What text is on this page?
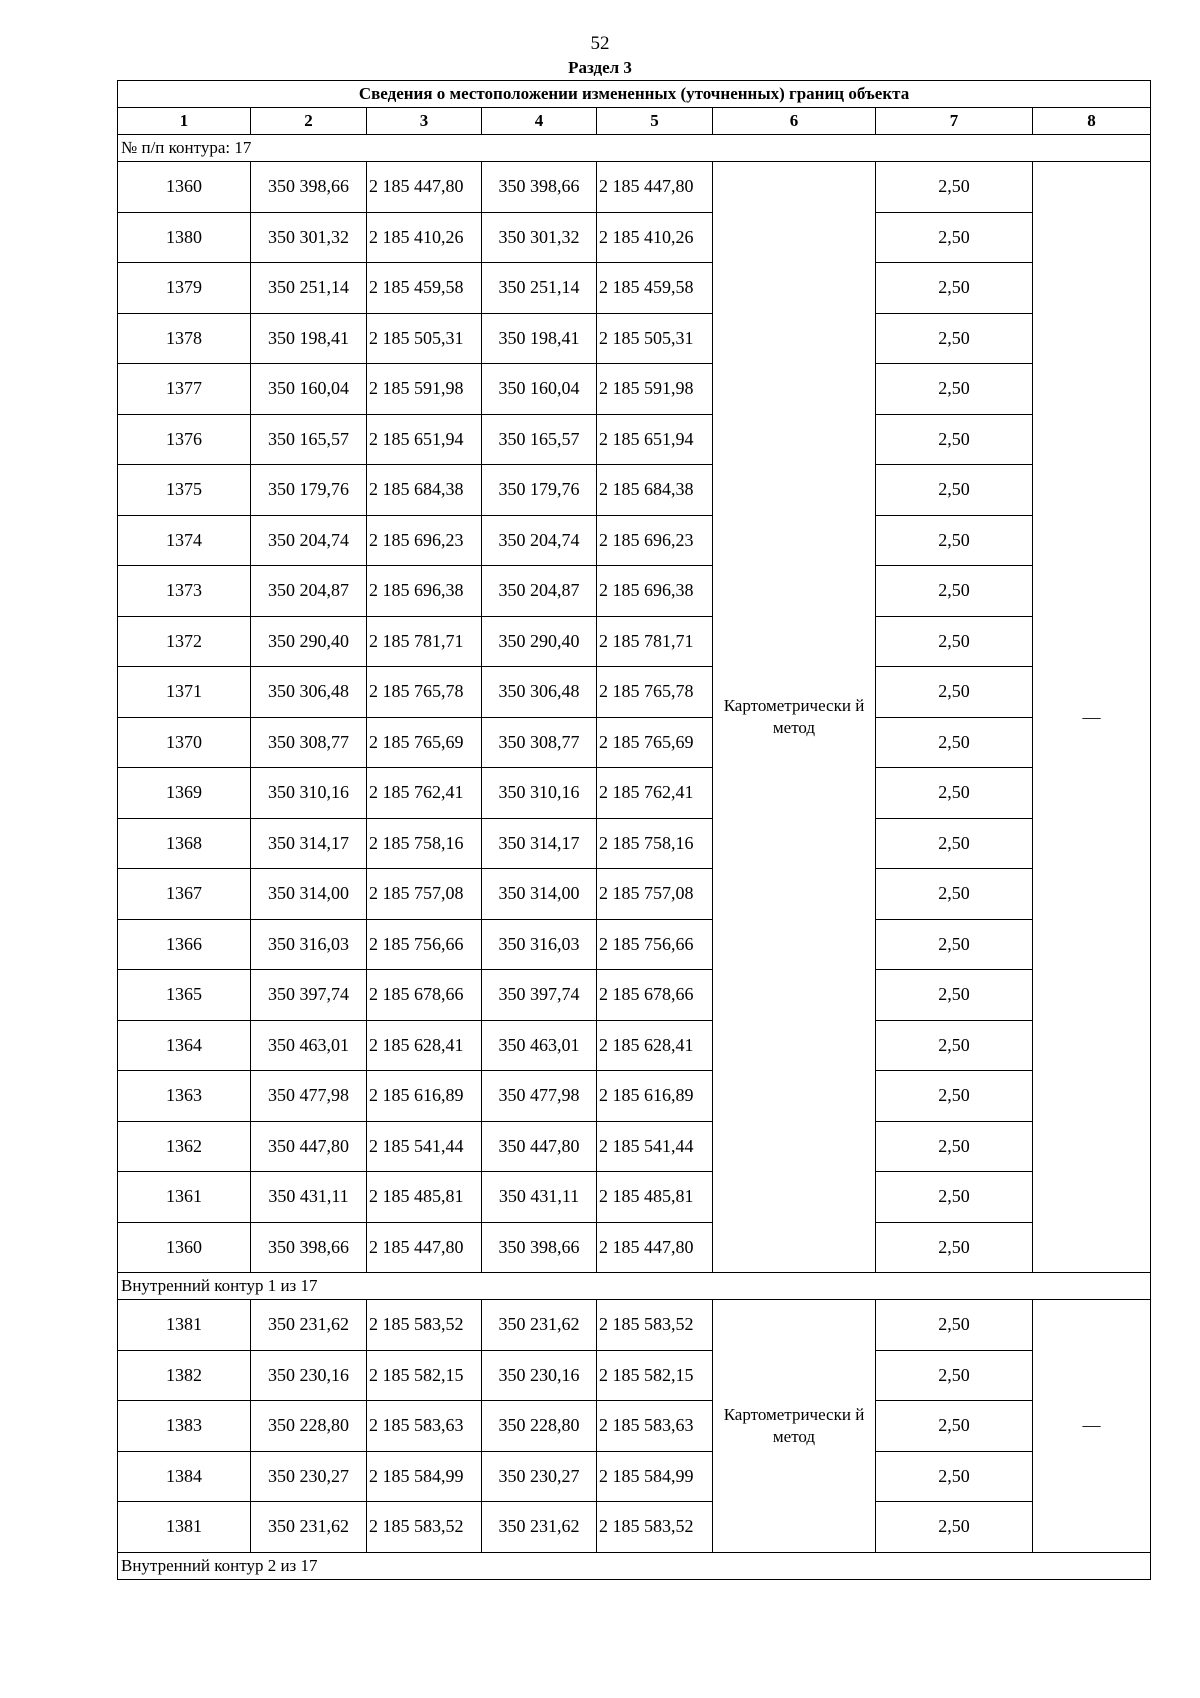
52
Раздел 3
Сведения о местоположении измененных (уточненных) границ объекта							
1	2	3	4	5	6	7	8
№ п/п контура: 17							
1360	350 398,66	2 185 447,80	350 398,66	2 185 447,80	Картометрически й метод	2,50	—
1380	350 301,32	2 185 410,26	350 301,32	2 185 410,26		2,50	
1379	350 251,14	2 185 459,58	350 251,14	2 185 459,58		2,50	
1378	350 198,41	2 185 505,31	350 198,41	2 185 505,31		2,50	
1377	350 160,04	2 185 591,98	350 160,04	2 185 591,98		2,50	
1376	350 165,57	2 185 651,94	350 165,57	2 185 651,94		2,50	
1375	350 179,76	2 185 684,38	350 179,76	2 185 684,38		2,50	
1374	350 204,74	2 185 696,23	350 204,74	2 185 696,23		2,50	
1373	350 204,87	2 185 696,38	350 204,87	2 185 696,38		2,50	
1372	350 290,40	2 185 781,71	350 290,40	2 185 781,71		2,50	
1371	350 306,48	2 185 765,78	350 306,48	2 185 765,78		2,50	
1370	350 308,77	2 185 765,69	350 308,77	2 185 765,69		2,50	
1369	350 310,16	2 185 762,41	350 310,16	2 185 762,41		2,50	
1368	350 314,17	2 185 758,16	350 314,17	2 185 758,16		2,50	
1367	350 314,00	2 185 757,08	350 314,00	2 185 757,08		2,50	
1366	350 316,03	2 185 756,66	350 316,03	2 185 756,66		2,50	
1365	350 397,74	2 185 678,66	350 397,74	2 185 678,66		2,50	
1364	350 463,01	2 185 628,41	350 463,01	2 185 628,41		2,50	
1363	350 477,98	2 185 616,89	350 477,98	2 185 616,89		2,50	
1362	350 447,80	2 185 541,44	350 447,80	2 185 541,44		2,50	
1361	350 431,11	2 185 485,81	350 431,11	2 185 485,81		2,50	
1360	350 398,66	2 185 447,80	350 398,66	2 185 447,80		2,50	
Внутренний контур 1 из 17							
1381	350 231,62	2 185 583,52	350 231,62	2 185 583,52	Картометрически й метод	2,50	—
1382	350 230,16	2 185 582,15	350 230,16	2 185 582,15		2,50	
1383	350 228,80	2 185 583,63	350 228,80	2 185 583,63		2,50	
1384	350 230,27	2 185 584,99	350 230,27	2 185 584,99		2,50	
1381	350 231,62	2 185 583,52	350 231,62	2 185 583,52		2,50	
Внутренний контур 2 из 17							
